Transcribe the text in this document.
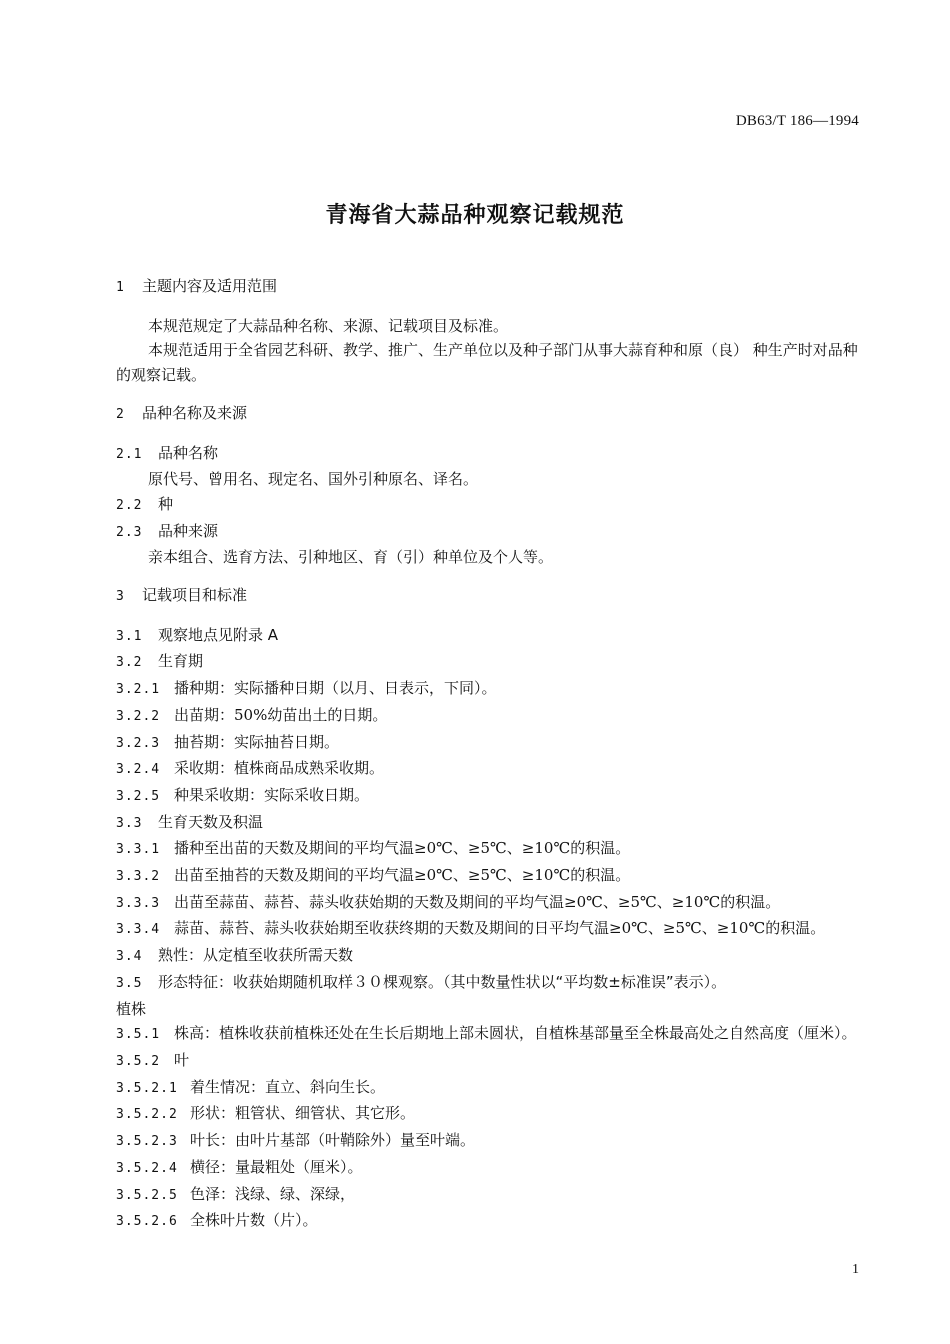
DB63/T 186—1994
青海省大蒜品种观察记载规范
1 主题内容及适用范围
本规范规定了大蒜品种名称、来源、记载项目及标准。
本规范适用于全省园艺科研、教学、推广、生产单位以及种子部门从事大蒜育种和原（良） 种生产时对品种的观察记载。
2 品种名称及来源
2.1 品种名称
原代号、曾用名、现定名、国外引种原名、译名。
2.2 种
2.3 品种来源
亲本组合、选育方法、引种地区、育（引）种单位及个人等。
3 记载项目和标准
3.1 观察地点见附录 A
3.2 生育期
3.2.1 播种期：实际播种日期（以月、日表示，下同）。
3.2.2 出苗期：50%幼苗出土的日期。
3.2.3 抽苔期：实际抽苔日期。
3.2.4 采收期：植株商品成熟采收期。
3.2.5 种果采收期：实际采收日期。
3.3 生育天数及积温
3.3.1 播种至出苗的天数及期间的平均气温≥0℃、≥5℃、≥10℃的积温。
3.3.2 出苗至抽苔的天数及期间的平均气温≥0℃、≥5℃、≥10℃的积温。
3.3.3 出苗至蒜苗、蒜苔、蒜头收获始期的天数及期间的平均气温≥0℃、≥5℃、≥10℃的积温。
3.3.4 蒜苗、蒜苔、蒜头收获始期至收获终期的天数及期间的日平均气温≥0℃、≥5℃、≥10℃的积温。
3.4 熟性：从定植至收获所需天数
3.5 形态特征：收获始期随机取样３０棵观察。（其中数量性状以“平均数±标准误”表示）。
植株
3.5.1 株高：植株收获前植株还处在生长后期地上部未圆状，自植株基部量至全株最高处之自然高度（厘米）。
3.5.2 叶
3.5.2.1 着生情况：直立、斜向生长。
3.5.2.2 形状：粗管状、细管状、其它形。
3.5.2.3 叶长：由叶片基部（叶鞘除外）量至叶端。
3.5.2.4 横径：量最粗处（厘米）。
3.5.2.5 色泽：浅绿、绿、深绿，
3.5.2.6 全株叶片数（片）。
1
